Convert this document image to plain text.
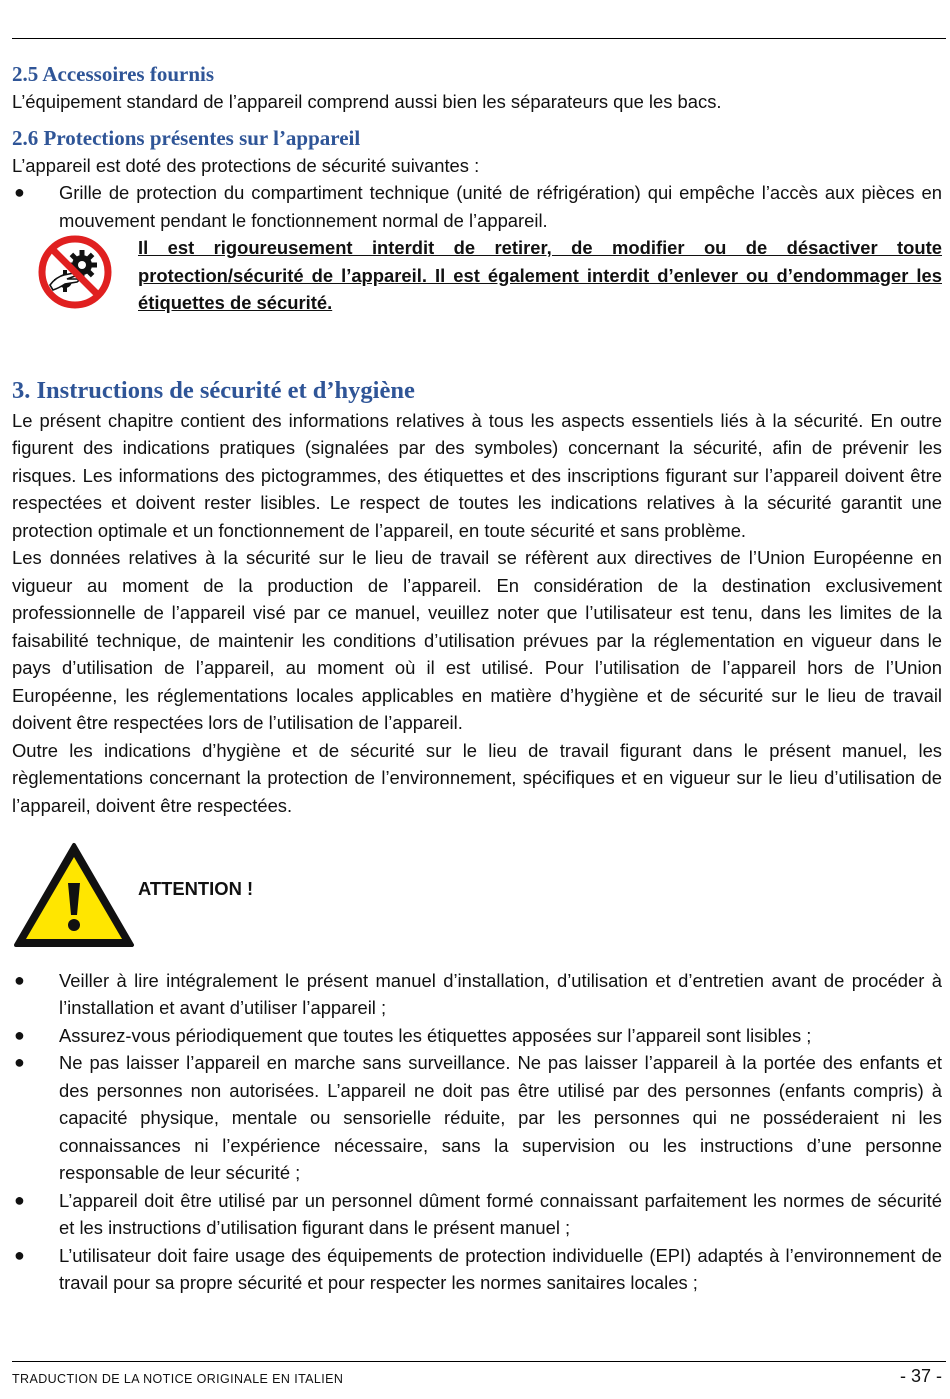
2.5 Accessoires fournis

L’équipement standard de l’appareil comprend aussi bien les séparateurs que les bacs.

2.6 Protections présentes sur l’appareil

L’appareil est doté des protections de sécurité suivantes :

● Grille de protection du compartiment technique (unité de réfrigération) qui empêche l’accès aux pièces en mouvement pendant le fonctionnement normal de l’appareil.
Il est rigoureusement interdit de retirer, de modifier ou de désactiver toute protection/sécurité de l’appareil. Il est également interdit d’enlever ou d’endommager les étiquettes de sécurité.
3. Instructions de sécurité et d’hygiène

Le présent chapitre contient des informations relatives à tous les aspects essentiels liés à la sécurité. En outre figurent des indications pratiques (signalées par des symboles) concernant la sécurité, afin de prévenir les risques. Les informations des pictogrammes, des étiquettes et des inscriptions figurant sur l’appareil doivent être respectées et doivent rester lisibles. Le respect de toutes les indications relatives à la sécurité garantit une protection optimale et un fonctionnement de l’appareil, en toute sécurité et sans problème.

Les données relatives à la sécurité sur le lieu de travail se réfèrent aux directives de l’Union Européenne en vigueur au moment de la production de l’appareil. En considération de la destination exclusivement professionnelle de l’appareil visé par ce manuel, veuillez noter que l’utilisateur est tenu, dans les limites de la faisabilité technique, de maintenir les conditions d’utilisation prévues par la réglementation en vigueur dans le pays d’utilisation de l’appareil, au moment où il est utilisé. Pour l’utilisation de l’appareil hors de l’Union Européenne, les réglementations locales applicables en matière d’hygiène et de sécurité sur le lieu de travail doivent être respectées lors de l’utilisation de l’appareil.

Outre les indications d’hygiène et de sécurité sur le lieu de travail figurant dans le présent manuel, les règlementations concernant la protection de l’environnement, spécifiques et en vigueur sur le lieu d’utilisation de l’appareil, doivent être respectées.

ATTENTION !
● Veiller à lire intégralement le présent manuel d’installation, d’utilisation et d’entretien avant de procéder à l’installation et avant d’utiliser l’appareil ;
● Assurez-vous périodiquement que toutes les étiquettes apposées sur l’appareil sont lisibles ;
● Ne pas laisser l’appareil en marche sans surveillance. Ne pas laisser l’appareil à la portée des enfants et des personnes non autorisées. L’appareil ne doit pas être utilisé par des personnes (enfants compris) à capacité physique, mentale ou sensorielle réduite, par les personnes qui ne posséderaient ni les connaissances ni l’expérience nécessaire, sans la supervision ou les instructions d’une personne responsable de leur sécurité ;
● L’appareil doit être utilisé par un personnel dûment formé connaissant parfaitement les normes de sécurité et les instructions d’utilisation figurant dans le présent manuel ;
● L’utilisateur doit faire usage des équipements de protection individuelle (EPI) adaptés à l’environnement de travail pour sa propre sécurité et pour respecter les normes sanitaires locales ;
TRADUCTION DE LA NOTICE ORIGINALE EN ITALIEN	- 37 -
